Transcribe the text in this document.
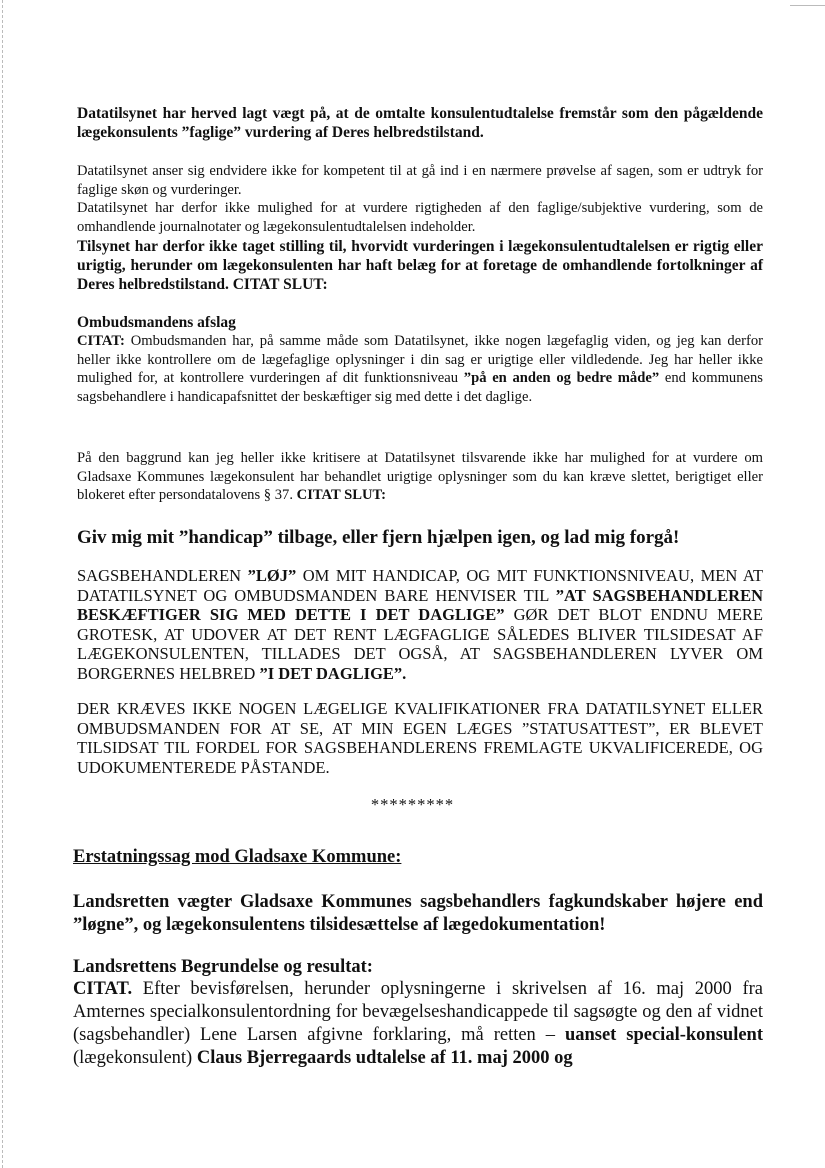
Datatilsynet har herved lagt vægt på, at de omtalte konsulentudtalelse fremstår som den pågældende lægekonsulents ”faglige” vurdering af Deres helbredstilstand.

Datatilsynet anser sig endvidere ikke for kompetent til at gå ind i en nærmere prøvelse af sagen, som er udtryk for faglige skøn og vurderinger.

Datatilsynet har derfor ikke mulighed for at vurdere rigtigheden af den faglige/subjektive vurdering, som de omhandlende journalnotater og lægekonsulentudtalelsen indeholder.

Tilsynet har derfor ikke taget stilling til, hvorvidt vurderingen i lægekonsulentudtalelsen er rigtig eller urigtig, herunder om lægekonsulenten har haft belæg for at foretage de omhandlende fortolkninger af Deres helbredstilstand. CITAT SLUT:

Ombudsmandens afslag

CITAT: Ombudsmanden har, på samme måde som Datatilsynet, ikke nogen lægefaglig viden, og jeg kan derfor heller ikke kontrollere om de lægefaglige oplysninger i din sag er urigtige eller vildledende. Jeg har heller ikke mulighed for, at kontrollere vurderingen af dit funktionsniveau ”på en anden og bedre måde” end kommunens sagsbehandlere i handicapafsnittet der beskæftiger sig med dette i det daglige.

På den baggrund kan jeg heller ikke kritisere at Datatilsynet tilsvarende ikke har mulighed for at vurdere om Gladsaxe Kommunes lægekonsulent har behandlet urigtige oplysninger som du kan kræve slettet, berigtiget eller blokeret efter persondatalovens § 37. CITAT SLUT:

Giv mig mit ”handicap” tilbage, eller fjern hjælpen igen, og lad mig forgå!

SAGSBEHANDLEREN ”LØJ” OM MIT HANDICAP, OG MIT FUNKTIONSNIVEAU, MEN AT DATATILSYNET OG OMBUDSMANDEN BARE HENVISER TIL ”AT SAGSBEHANDLEREN BESKÆFTIGER SIG MED DETTE I DET DAGLIGE” GØR DET BLOT ENDNU MERE GROTESK, AT UDOVER AT DET RENT LÆGFAGLIGE SÅLEDES BLIVER TILSIDESAT AF LÆGEKONSULENTEN, TILLADES DET OGSÅ, AT SAGSBEHANDLEREN LYVER OM BORGERNES HELBRED ”I DET DAGLIGE”.

DER KRÆVES IKKE NOGEN LÆGELIGE KVALIFIKATIONER FRA DATATILSYNET ELLER OMBUDSMANDEN FOR AT SE, AT MIN EGEN LÆGES ”STATUSATTEST”, ER BLEVET TILSIDSAT TIL FORDEL FOR SAGSBEHANDLERENS FREMLAGTE UKVALIFICEREDE, OG UDOKUMENTEREDE PÅSTANDE.

*********

Erstatningssag mod Gladsaxe Kommune:

Landsretten vægter Gladsaxe Kommunes sagsbehandlers fagkundskaber højere end ”løgne”, og lægekonsulentens tilsidesættelse af lægedokumentation!

Landsrettens Begrundelse og resultat:

CITAT. Efter bevisførelsen, herunder oplysningerne i skrivelsen af 16. maj 2000 fra Amternes specialkonsulentordning for bevægelseshandicappede til sagsøgte og den af vidnet (sagsbehandler) Lene Larsen afgivne forklaring, må retten – uanset special-konsulent (lægekonsulent) Claus Bjerregaards udtalelse af 11. maj 2000 og
